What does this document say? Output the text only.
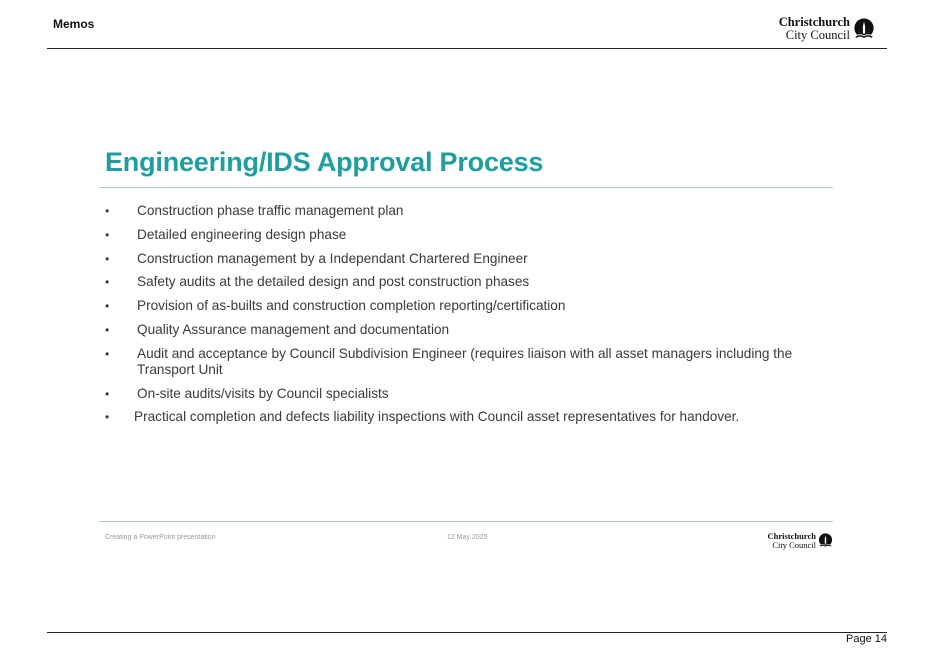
Memos	Christchurch
City Council
Engineering/IDS Approval Process
• Construction phase traffic management plan
• Detailed engineering design phase
• Construction management by a Independant Chartered Engineer
• Safety audits at the detailed design and post construction phases
• Provision of as-builts and construction completion reporting/certification
• Quality Assurance management and documentation
• Audit and acceptance by Council Subdivision Engineer (requires liaison with all asset managers including the Transport Unit
• On-site audits/visits by Council specialists
• Practical completion and defects liability inspections with Council asset representatives for handover.
Creating a PowerPoint presentation	12 May 2025	Christchurch
City Council
Page 14
